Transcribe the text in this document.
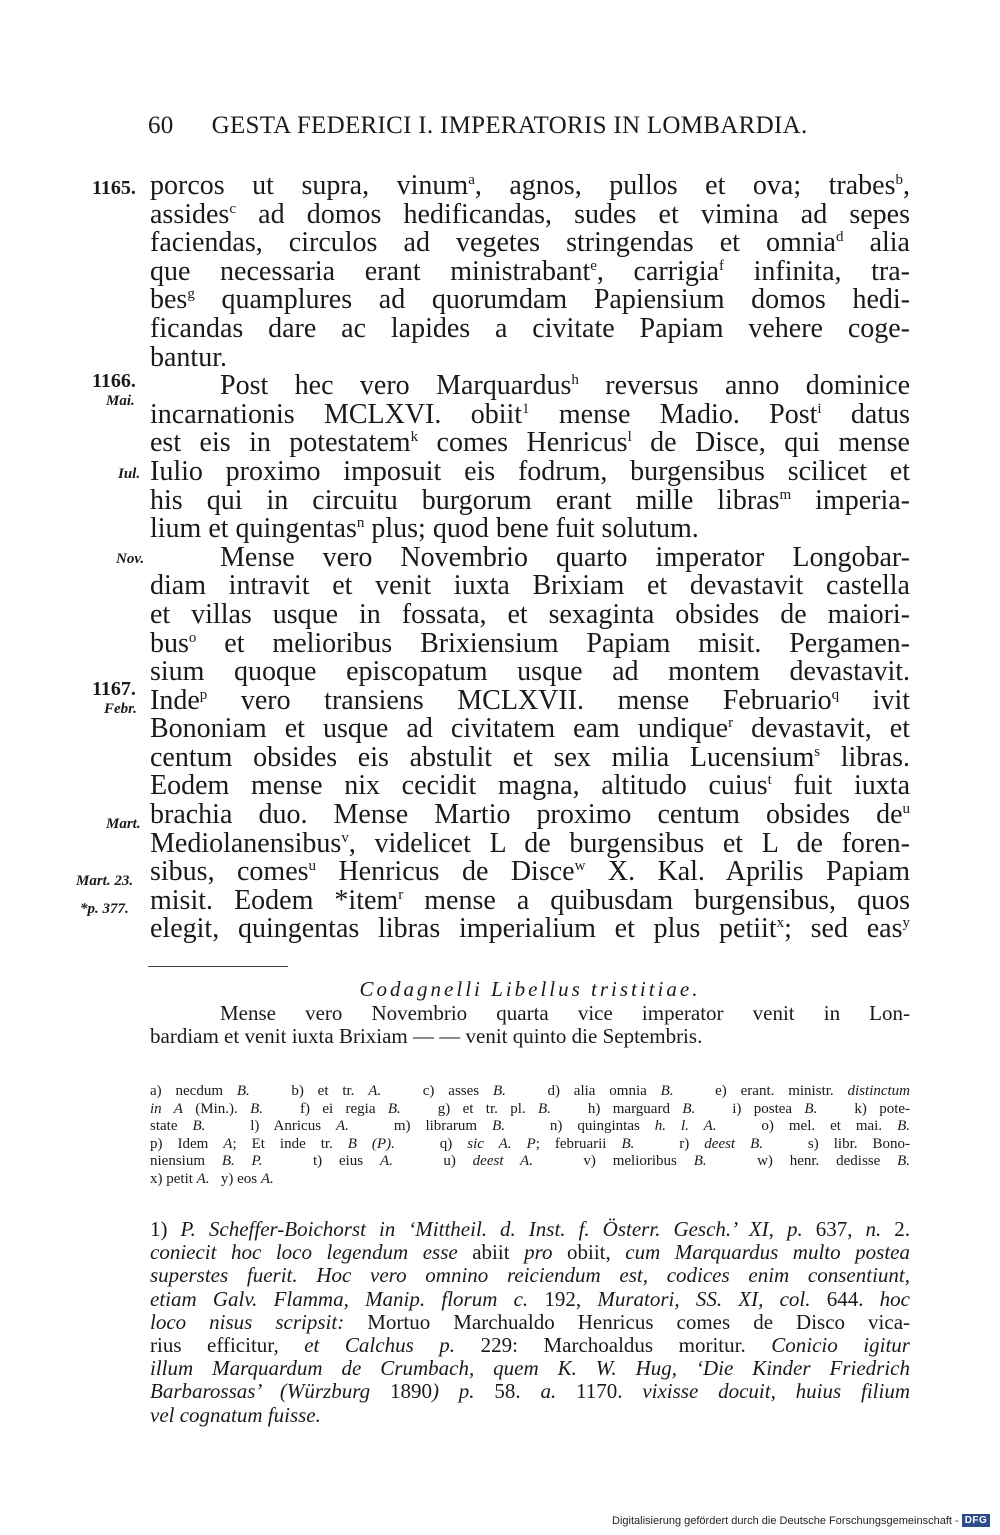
60 GESTA FEDERICI I. IMPERATORIS IN LOMBARDIA.
1165.
1166.
Mai.
Iul.
Nov.
1167.
Febr.
Mart.
Mart. 23.
*p. 377.
porcos ut supra, vinum$^a$, agnos, pullos et ova; trabes$^b$,
assides$^c$ ad domos hedificandas, sudes et vimina ad sepes
faciendas, circulos ad vegetes stringendas et omnia$^d$ alia
que necessaria erant ministrabant$^e$, carrigia$^f$ infinita, tra-
bes$^g$ quamplures ad quorumdam Papiensium domos hedi-
ficandas dare ac lapides a civitate Papiam vehere coge-
bantur.
Post hec vero Marquardus$^h$ reversus anno dominice
incarnationis MCLXVI. obiit$^1$ mense Madio. Post$^i$ datus
est eis in potestatem$^k$ comes Henricus$^l$ de Disce, qui mense
Iulio proximo imposuit eis fodrum, burgensibus scilicet et
his qui in circuitu burgorum erant mille libras$^m$ imperia-
lium et quingentas$^n$ plus; quod bene fuit solutum.
Mense vero Novembrio quarto imperator Longobar-
diam intravit et venit iuxta Brixiam et devastavit castella
et villas usque in fossata, et sexaginta obsides de maiori-
bus$^o$ et melioribus Brixiensium Papiam misit. Pergamen-
sium quoque episcopatum usque ad montem devastavit.
Inde$^p$ vero transiens MCLXVII. mense Februario$^q$ ivit
Bononiam et usque ad civitatem eam undique$^r$ devastavit, et
centum obsides eis abstulit et sex milia Lucensium$^s$ libras.
Eodem mense nix cecidit magna, altitudo cuius$^t$ fuit iuxta
brachia duo. Mense Martio proximo centum obsides $de^u$
Mediolanensibus$^v$, videlicet L de burgensibus et L de foren-
sibus, comes$^u$ Henricus de Disce$^w$ X. Kal. Aprilis Papiam
misit. Eodem *item$^r$ mense a quibusdam burgensibus, quos
elegit, quingentas libras imperialium et plus petiit$^x$; sed eas$^y$
Codagnelli Libellus tristitiae.
Mense vero Novembrio quarta vice imperator venit in Lon-
bardiam et venit iuxta Brixiam — — venit quinto die Septembris.
a) necdum B.   b) et tr. A.   c) asses B.   d) alia omnia B.   e) erant. ministr. distinctum
in A (Min.). B.   f) ei regia B.   g) et tr. pl. B.   h) marguard B.   i) postea B.   k) pote-
state B.   l) Anricus A.   m) librarum B.   n) quingintas h. l. A.   o) mel. et mai. B.
p) Idem A; Et inde tr. B (P).   q) sic A. P; februarii B.   r) deest B.   s) libr. Bono-
niensium B. P.   t) eius A.   u) deest A.   v) melioribus B.   w) henr. dedisse B.
x) petit A.   y) eos A.
1) P. Scheffer-Boichorst in ‘Mittheil. d. Inst. f. Österr. Gesch.’ XI, p. 637, n. 2.
coniecit hoc loco legendum esse abiit pro obiit, cum Marquardus multo postea
superstes fuerit. Hoc vero omnino reiciendum est, codices enim consentiunt,
etiam Galv. Flamma, Manip. florum c. 192, Muratori, SS. XI, col. 644. hoc
loco nisus scripsit: Mortuo Marchualdo Henricus comes de Disco vica-
rius efficitur, et Calchus p. 229: Marchoaldus moritur. Conicio igitur
illum Marquardum de Crumbach, quem K. W. Hug, ‘Die Kinder Friedrich
Barbarossas’ (Würzburg 1890) p. 58. a. 1170. vixisse docuit, huius filium
vel cognatum fuisse.
Digitalisierung gefördert durch die Deutsche Forschungsgemeinschaft - DFG
